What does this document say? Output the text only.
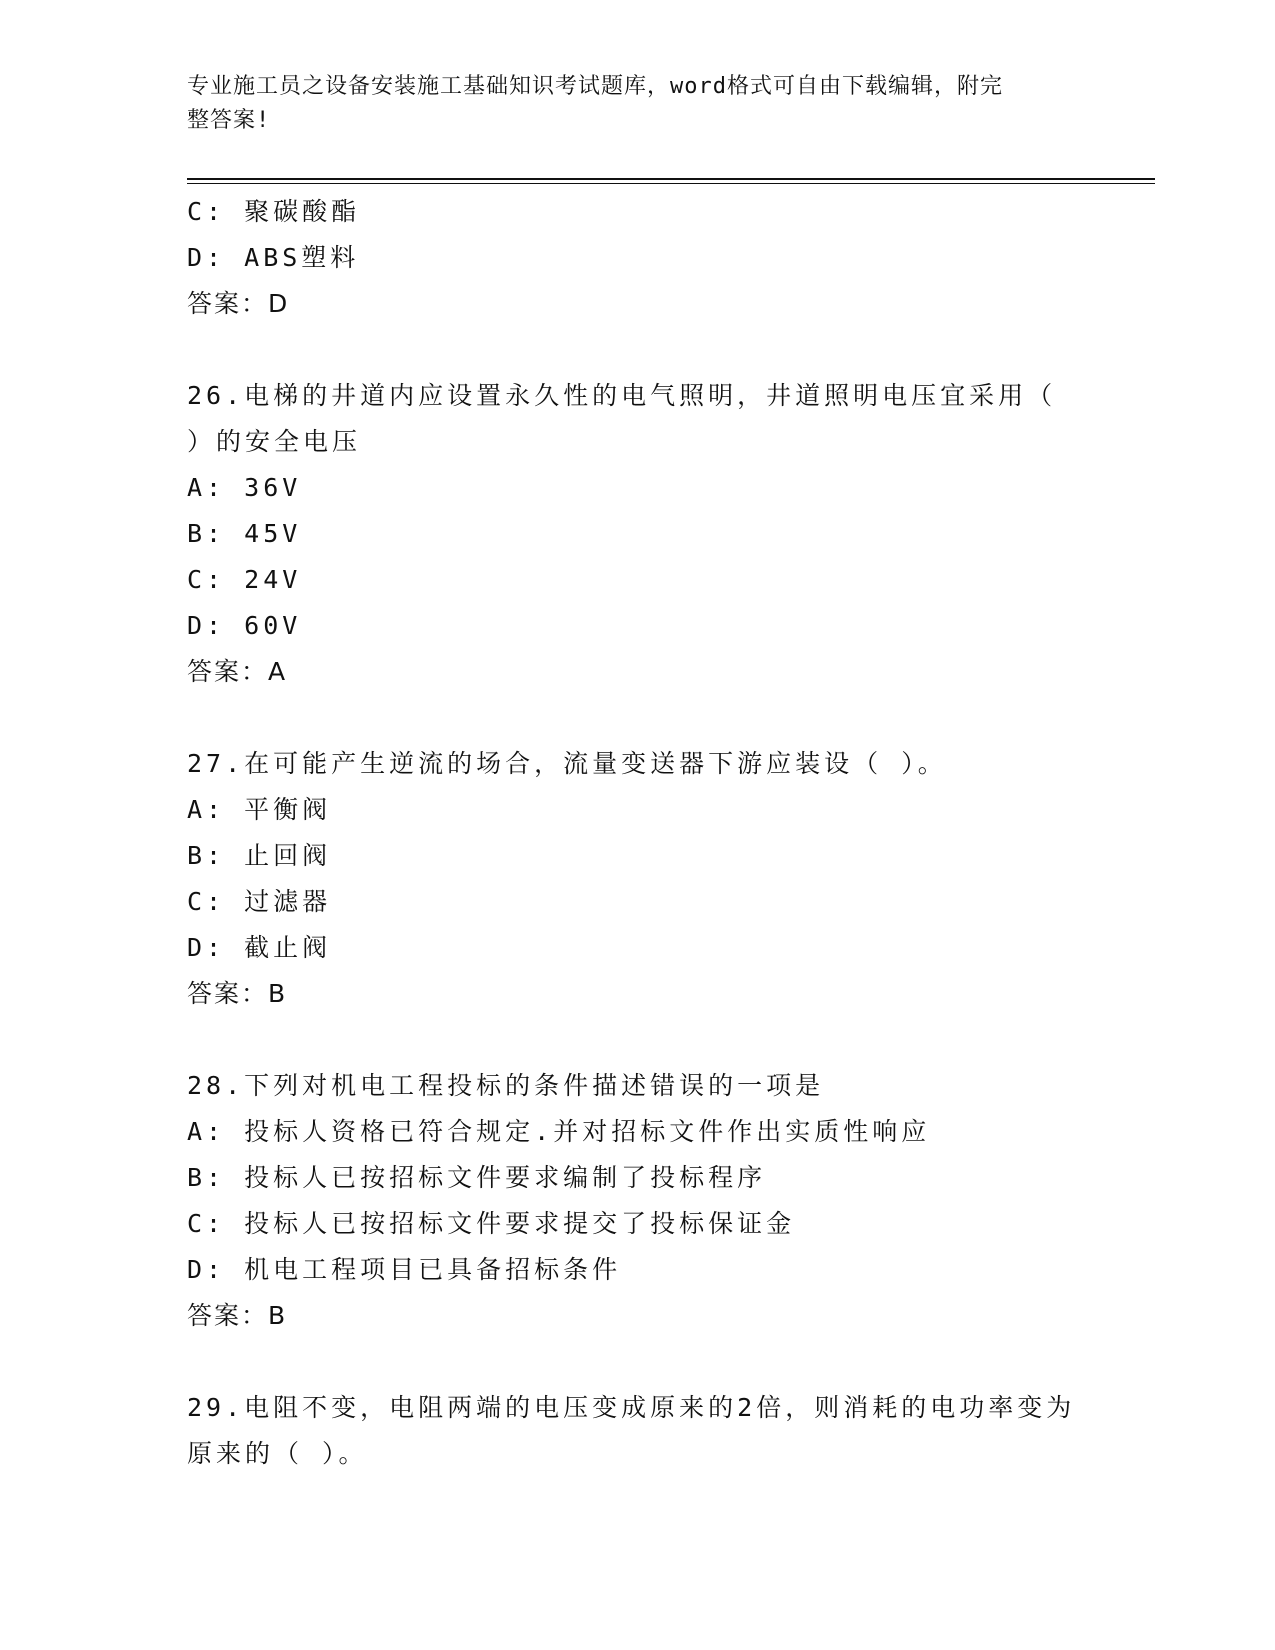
专业施工员之设备安装施工基础知识考试题库，word格式可自由下载编辑，附完
整答案!
C: 聚碳酸酯
D: ABS塑料
答案：D
26.电梯的井道内应设置永久性的电气照明，井道照明电压宜采用（
）的安全电压
A: 36V
B: 45V
C: 24V
D: 60V
答案：A
27.在可能产生逆流的场合，流量变送器下游应装设（ ）。
A: 平衡阀
B: 止回阀
C: 过滤器
D: 截止阀
答案：B
28.下列对机电工程投标的条件描述错误的一项是
A: 投标人资格已符合规定.并对招标文件作出实质性响应
B: 投标人已按招标文件要求编制了投标程序
C: 投标人已按招标文件要求提交了投标保证金
D: 机电工程项目已具备招标条件
答案：B
29.电阻不变，电阻两端的电压变成原来的2倍，则消耗的电功率变为
原来的（ ）。
